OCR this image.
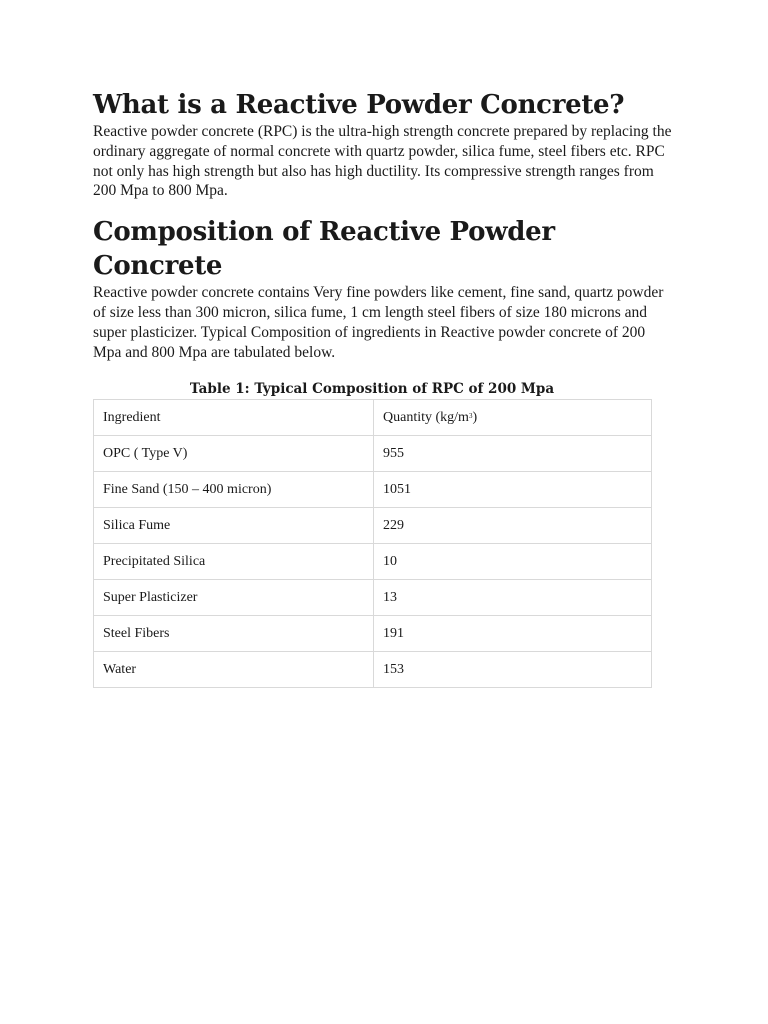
What is a Reactive Powder Concrete?

Reactive powder concrete (RPC) is the ultra-high strength concrete prepared by replacing the ordinary aggregate of normal concrete with quartz powder, silica fume, steel fibers etc. RPC not only has high strength but also has high ductility. Its compressive strength ranges from 200 Mpa to 800 Mpa.

Composition of Reactive Powder Concrete

Reactive powder concrete contains Very fine powders like cement, fine sand, quartz powder of size less than 300 micron, silica fume, 1 cm length steel fibers of size 180 microns and super plasticizer. Typical Composition of ingredients in Reactive powder concrete of 200 Mpa and 800 Mpa are tabulated below.

Table 1: Typical Composition of RPC of 200 Mpa
Ingredient	Quantity $(kg/m^3)$
OPC ( Type V)	955
Fine Sand (150 – 400 micron)	1051
Silica Fume	229
Precipitated Silica	10
Super Plasticizer	13
Steel Fibers	191
Water	153
